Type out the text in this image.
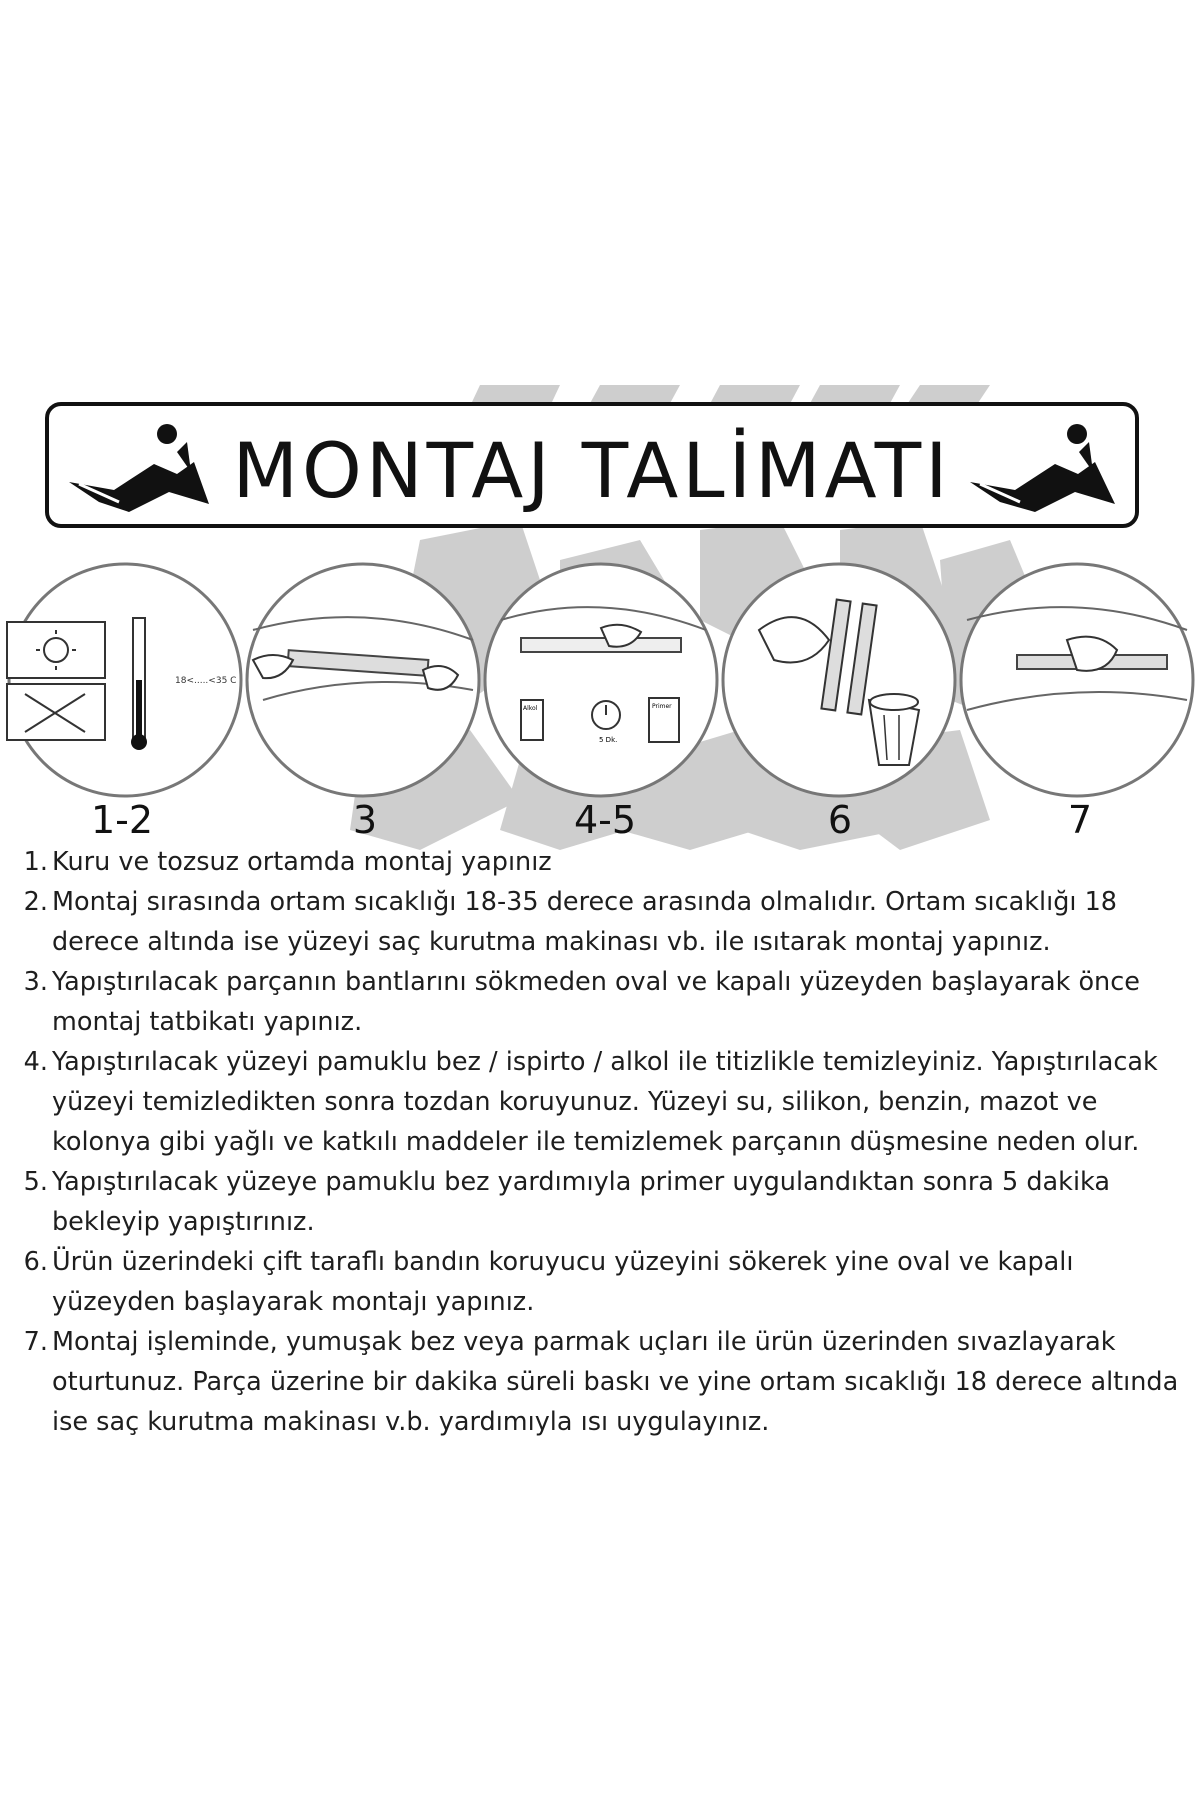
MONTAJ TALİMATI
18<.....<35 C
Alkol
5 Dk.
Primer
1-2	3	4-5	6	7
1. Kuru ve tozsuz ortamda montaj yapınız
2. Montaj sırasında ortam sıcaklığı 18-35 derece arasında olmalıdır. Ortam sıcaklığı 18 derece altında ise yüzeyi saç kurutma makinası vb. ile ısıtarak montaj yapınız.
3. Yapıştırılacak parçanın bantlarını sökmeden oval ve kapalı yüzeyden başlayarak önce montaj tatbikatı yapınız.
4. Yapıştırılacak yüzeyi pamuklu bez / ispirto / alkol ile titizlikle temizleyiniz. Yapıştırılacak yüzeyi temizledikten sonra tozdan koruyunuz. Yüzeyi su, silikon, benzin, mazot ve kolonya gibi yağlı ve katkılı maddeler ile temizlemek parçanın düşmesine neden olur.
5. Yapıştırılacak yüzeye pamuklu bez yardımıyla primer uygulandıktan sonra 5 dakika bekleyip yapıştırınız.
6. Ürün üzerindeki çift taraflı bandın koruyucu yüzeyini sökerek yine oval ve kapalı yüzeyden başlayarak montajı yapınız.
7. Montaj işleminde, yumuşak bez veya parmak uçları ile ürün üzerinden sıvazlayarak oturtunuz. Parça üzerine bir dakika süreli baskı ve yine ortam sıcaklığı 18 derece altında ise saç kurutma makinası v.b. yardımıyla ısı uygulayınız.
